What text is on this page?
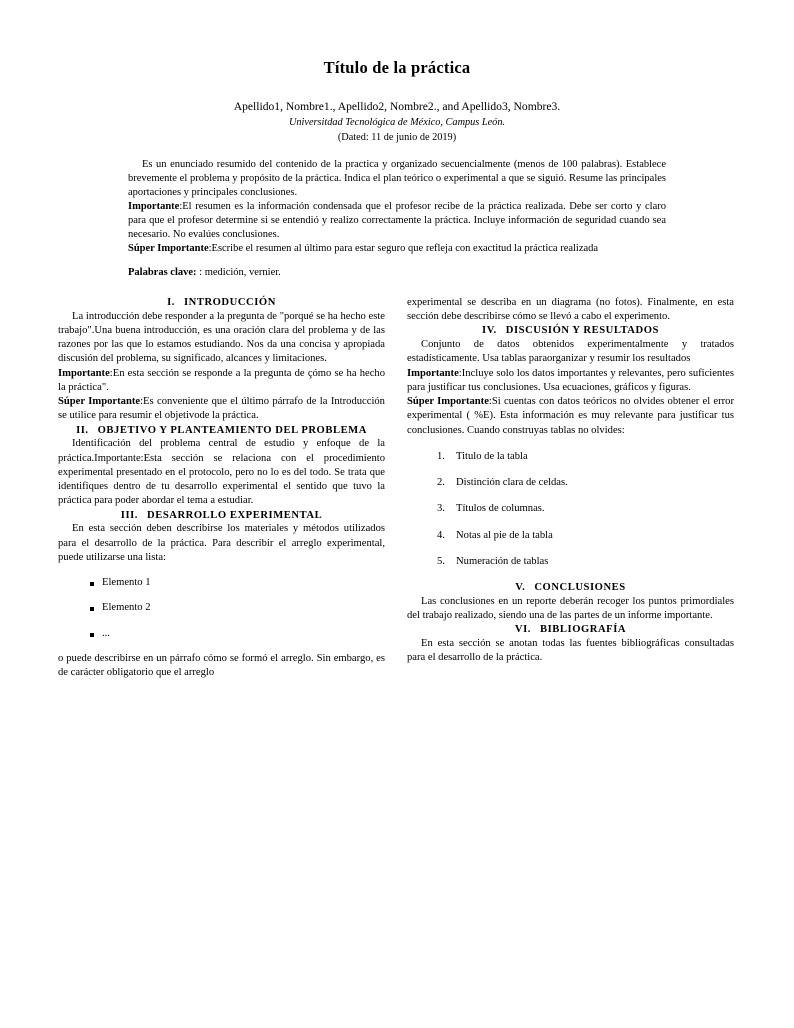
Título de la práctica
Apellido1, Nombre1., Apellido2, Nombre2., and Apellido3, Nombre3.
Universitdad Tecnológica de México, Campus León.
(Dated: 11 de junio de 2019)

Es un enunciado resumido del contenido de la practica y organizado secuencialmente (menos de 100 palabras). Establece brevemente el problema y propósito de la práctica. Indica el plan teórico o experimental a que se siguió. Resume las principales aportaciones y principales conclusiones.

Importante:El resumen es la información condensada que el profesor recibe de la práctica realizada. Debe ser corto y claro para que el profesor determine si se entendió y realizo correctamente la práctica. Incluye información de seguridad cuando sea necesario. No evalúes conclusiones.

Súper Importante:Escribe el resumen al último para estar seguro que refleja con exactitud la práctica realizada

Palabras clave: : medición, vernier.

I. INTRODUCCIÓN

La introducción debe responder a la pregunta de "porqué se ha hecho este trabajo".Una buena introducción, es una oración clara del problema y de las razones por las que lo estamos estudiando. Nos da una concisa y apropiada discusión del problema, su significado, alcances y limitaciones.

Importante:En esta sección se responde a la pregunta de çómo se ha hecho la práctica".

Súper Importante:Es conveniente que el último párrafo de la Introducción se utilice para resumir el objetivode la práctica.

II. OBJETIVO Y PLANTEAMIENTO DEL PROBLEMA

Identificación del problema central de estudio y enfoque de la práctica.Importante:Esta sección se relaciona con el procedimiento experimental presentado en el protocolo, pero no lo es del todo. Se trata que identifiques dentro de tu desarrollo experimental el sentido que tuvo la práctica para poder abordar el tema a estudiar.

III. DESARROLLO EXPERIMENTAL

En esta sección deben describirse los materiales y métodos utilizados para el desarrollo de la práctica. Para describir el arreglo experimental, puede utilizarse una lista:

Elemento 1
Elemento 2
...

o puede describirse en un párrafo cómo se formó el arreglo. Sin embargo, es de carácter obligatorio que el arreglo

experimental se describa en un diagrama (no fotos). Finalmente, en esta sección debe describirse cómo se llevó a cabo el experimento.

IV. DISCUSIÓN Y RESULTADOS

Conjunto de datos obtenidos experimentalmente y tratados estadísticamente. Usa tablas paraorganizar y resumir los resultados

Importante:Incluye solo los datos importantes y relevantes, pero suficientes para justificar tus conclusiones. Usa ecuaciones, gráficos y figuras.

Súper Importante:Si cuentas con datos teóricos no olvides obtener el error experimental ( %E). Esta información es muy relevante para justificar tus conclusiones. Cuando construyas tablas no olvides:

Titulo de la tabla
Distinción clara de celdas.
Títulos de columnas.
Notas al pie de la tabla
Numeración de tablas
V. CONCLUSIONES

Las conclusiones en un reporte deberán recoger los puntos primordiales del trabajo realizado, siendo una de las partes de un informe importante.

VI. BIBLIOGRAFÍA

En esta sección se anotan todas las fuentes bibliográficas consultadas para el desarrollo de la práctica.
